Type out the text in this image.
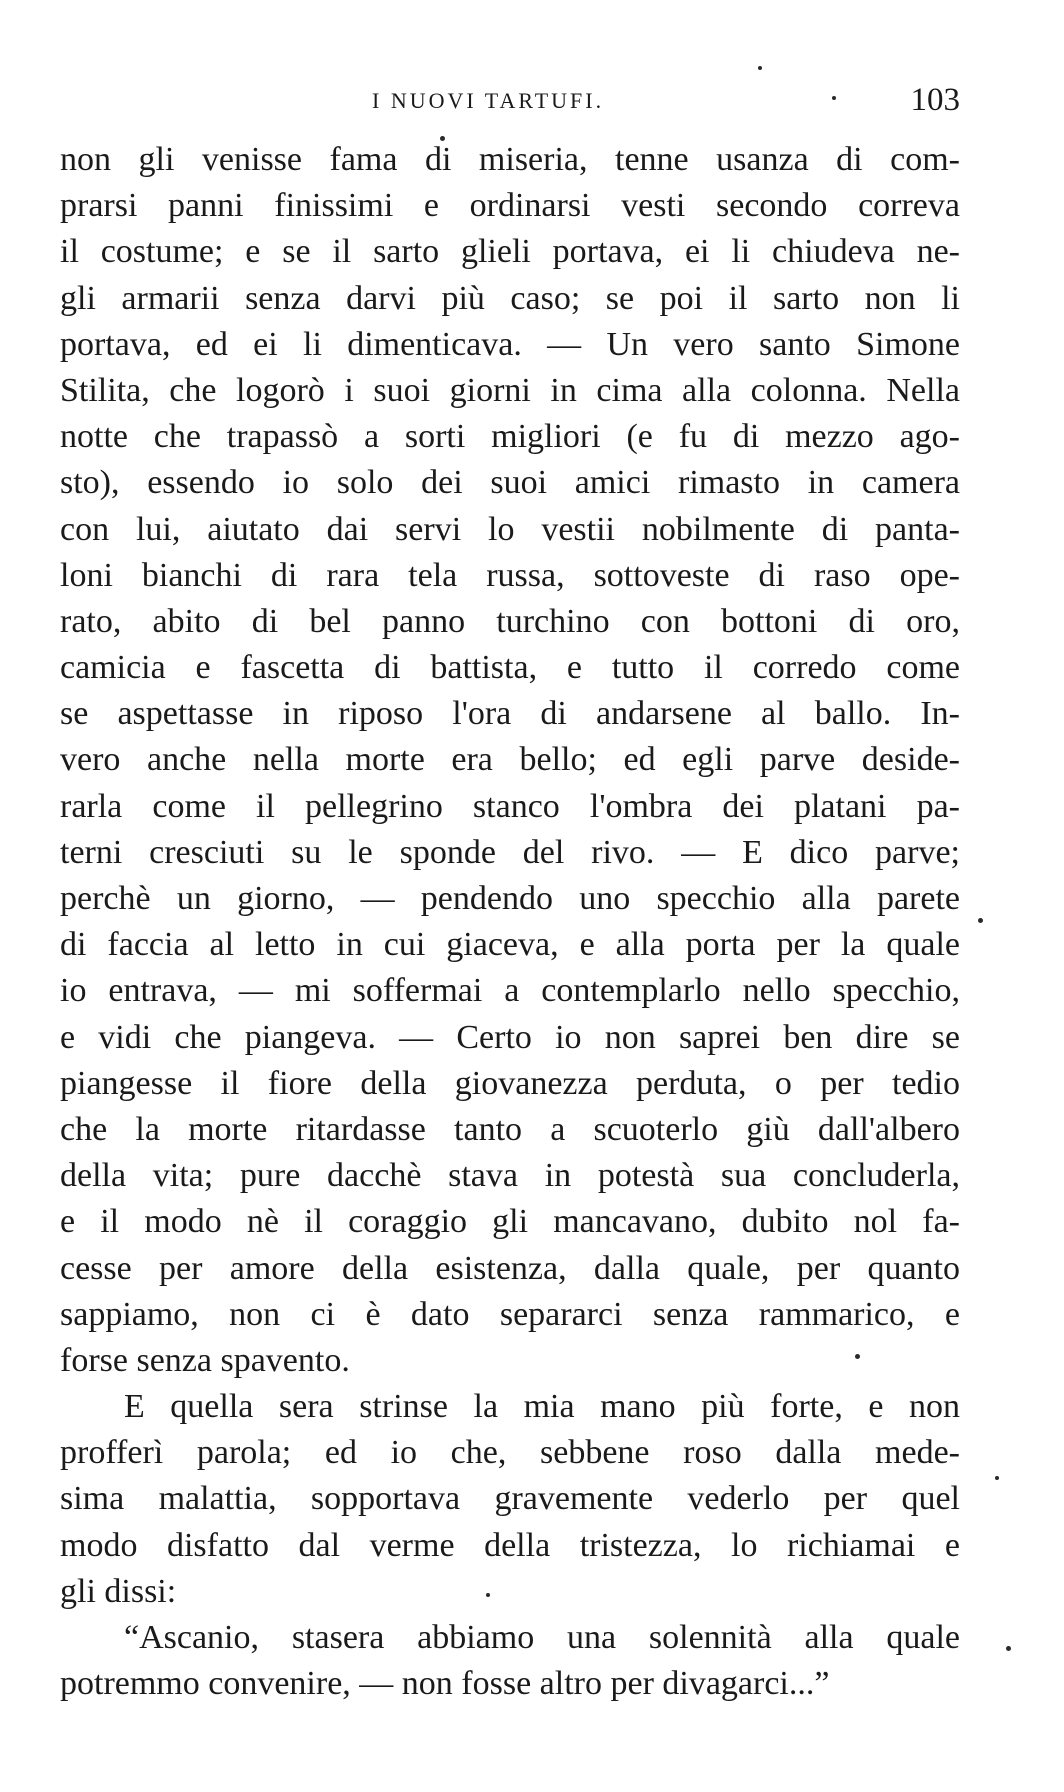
I NUOVI TARTUFI.	103
non gli venisse fama di miseria, tenne usanza di com-
prarsi panni finissimi e ordinarsi vesti secondo correva
il costume; e se il sarto glieli portava, ei li chiudeva ne-
gli armarii senza darvi più caso; se poi il sarto non li
portava, ed ei li dimenticava. — Un vero santo Simone
Stilita, che logorò i suoi giorni in cima alla colonna. Nella
notte che trapassò a sorti migliori (e fu di mezzo ago-
sto), essendo io solo dei suoi amici rimasto in camera
con lui, aiutato dai servi lo vestii nobilmente di panta-
loni bianchi di rara tela russa, sottoveste di raso ope-
rato, abito di bel panno turchino con bottoni di oro,
camicia e fascetta di battista, e tutto il corredo come
se aspettasse in riposo l'ora di andarsene al ballo. In-
vero anche nella morte era bello; ed egli parve deside-
rarla come il pellegrino stanco l'ombra dei platani pa-
terni cresciuti su le sponde del rivo. — E dico parve;
perchè un giorno, — pendendo uno specchio alla parete
di faccia al letto in cui giaceva, e alla porta per la quale
io entrava, — mi soffermai a contemplarlo nello specchio,
e vidi che piangeva. — Certo io non saprei ben dire se
piangesse il fiore della giovanezza perduta, o per tedio
che la morte ritardasse tanto a scuoterlo giù dall'albero
della vita; pure dacchè stava in potestà sua concluderla,
e il modo nè il coraggio gli mancavano, dubito nol fa-
cesse per amore della esistenza, dalla quale, per quanto
sappiamo, non ci è dato separarci senza rammarico, e
forse senza spavento.
E quella sera strinse la mia mano più forte, e non
profferì parola; ed io che, sebbene roso dalla mede-
sima malattia, sopportava gravemente vederlo per quel
modo disfatto dal verme della tristezza, lo richiamai e
gli dissi:
“Ascanio, stasera abbiamo una solennità alla quale
potremmo convenire, — non fosse altro per divagarci...”
